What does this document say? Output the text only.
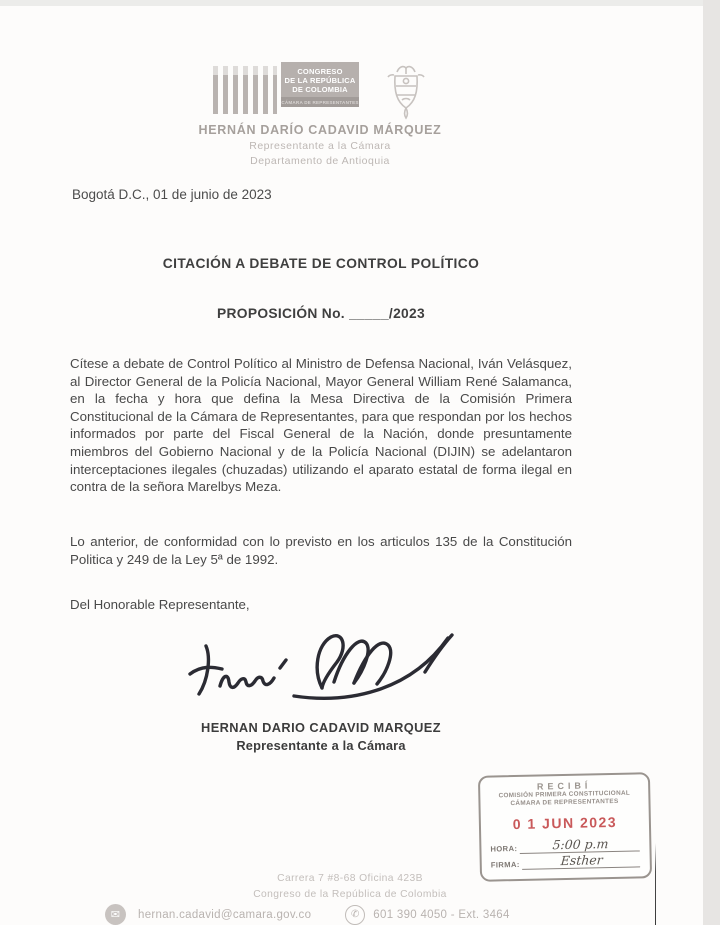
CONGRESO
DE LA REPÚBLICA
DE COLOMBIA
CÁMARA DE REPRESENTANTES
HERNÁN DARÍO CADAVID MÁRQUEZ
Representante a la Cámara
Departamento de Antioquia
Bogotá D.C., 01 de junio de 2023
CITACIÓN A DEBATE DE CONTROL POLÍTICO
PROPOSICIÓN No. _____/2023

Cítese a debate de Control Político al Ministro de Defensa Nacional, Iván Velásquez, al Director General de la Policía Nacional, Mayor General William René Salamanca, en la fecha y hora que defina la Mesa Directiva de la Comisión Primera Constitucional de la Cámara de Representantes, para que respondan por los hechos informados por parte del Fiscal General de la Nación, donde presuntamente miembros del Gobierno Nacional y de la Policía Nacional (DIJIN) se adelantaron interceptaciones ilegales (chuzadas) utilizando el aparato estatal de forma ilegal en contra de la señora Marelbys Meza.

Lo anterior, de conformidad con lo previsto en los articulos 135 de la Constitución Politica y 249 de la Ley 5ª de 1992.

Del Honorable Representante,
HERNAN DARIO CADAVID MARQUEZ
Representante a la Cámara
RECIBÍ
COMISIÓN PRIMERA CONSTITUCIONAL
CÁMARA DE REPRESENTANTES
0 1 JUN 2023
HORA:	5:00 p.m
FIRMA:	Esther
Carrera 7 #8-68 Oficina 423B
Congreso de la República de Colombia
✉	hernan.cadavid@camara.gov.co	✆	601 390 4050 - Ext. 3464
